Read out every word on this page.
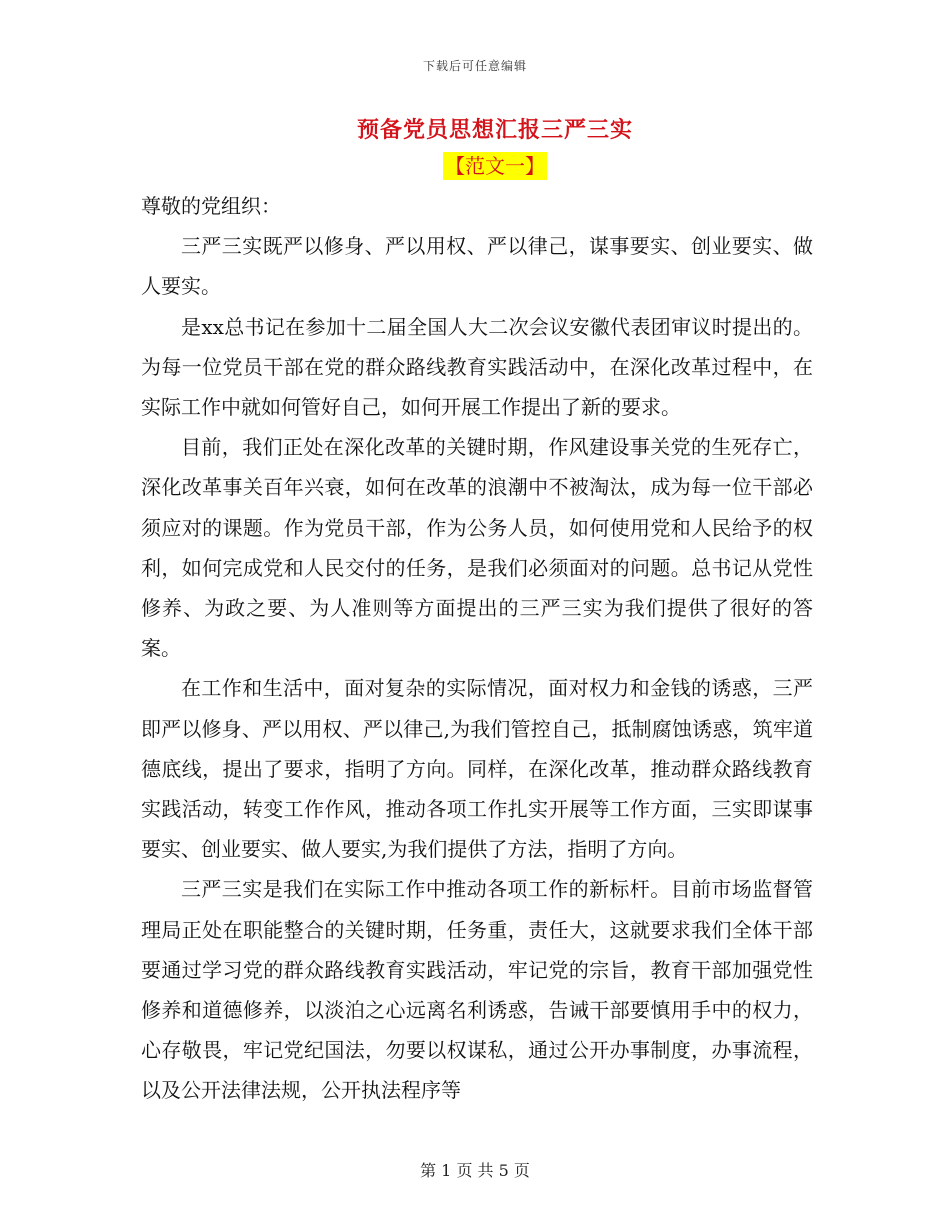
下载后可任意编辑
预备党员思想汇报三严三实
【范文一】

尊敬的党组织：

三严三实既严以修身、严以用权、严以律己，谋事要实、创业要实、做人要实。

是xx总书记在参加十二届全国人大二次会议安徽代表团审议时提出的。为每一位党员干部在党的群众路线教育实践活动中，在深化改革过程中，在实际工作中就如何管好自己，如何开展工作提出了新的要求。

目前，我们正处在深化改革的关键时期，作风建设事关党的生死存亡，深化改革事关百年兴衰，如何在改革的浪潮中不被淘汰，成为每一位干部必须应对的课题。作为党员干部，作为公务人员，如何使用党和人民给予的权利，如何完成党和人民交付的任务，是我们必须面对的问题。总书记从党性修养、为政之要、为人准则等方面提出的三严三实为我们提供了很好的答案。

在工作和生活中，面对复杂的实际情况，面对权力和金钱的诱惑，三严即严以修身、严以用权、严以律己,为我们管控自己，抵制腐蚀诱惑，筑牢道德底线，提出了要求，指明了方向。同样，在深化改革，推动群众路线教育实践活动，转变工作作风，推动各项工作扎实开展等工作方面，三实即谋事要实、创业要实、做人要实,为我们提供了方法，指明了方向。

三严三实是我们在实际工作中推动各项工作的新标杆。目前市场监督管理局正处在职能整合的关键时期，任务重，责任大，这就要求我们全体干部要通过学习党的群众路线教育实践活动，牢记党的宗旨，教育干部加强党性修养和道德修养，以淡泊之心远离名利诱惑，告诫干部要慎用手中的权力，心存敬畏，牢记党纪国法，勿要以权谋私，通过公开办事制度，办事流程，以及公开法律法规，公开执法程序等

第 1 页 共 5 页
